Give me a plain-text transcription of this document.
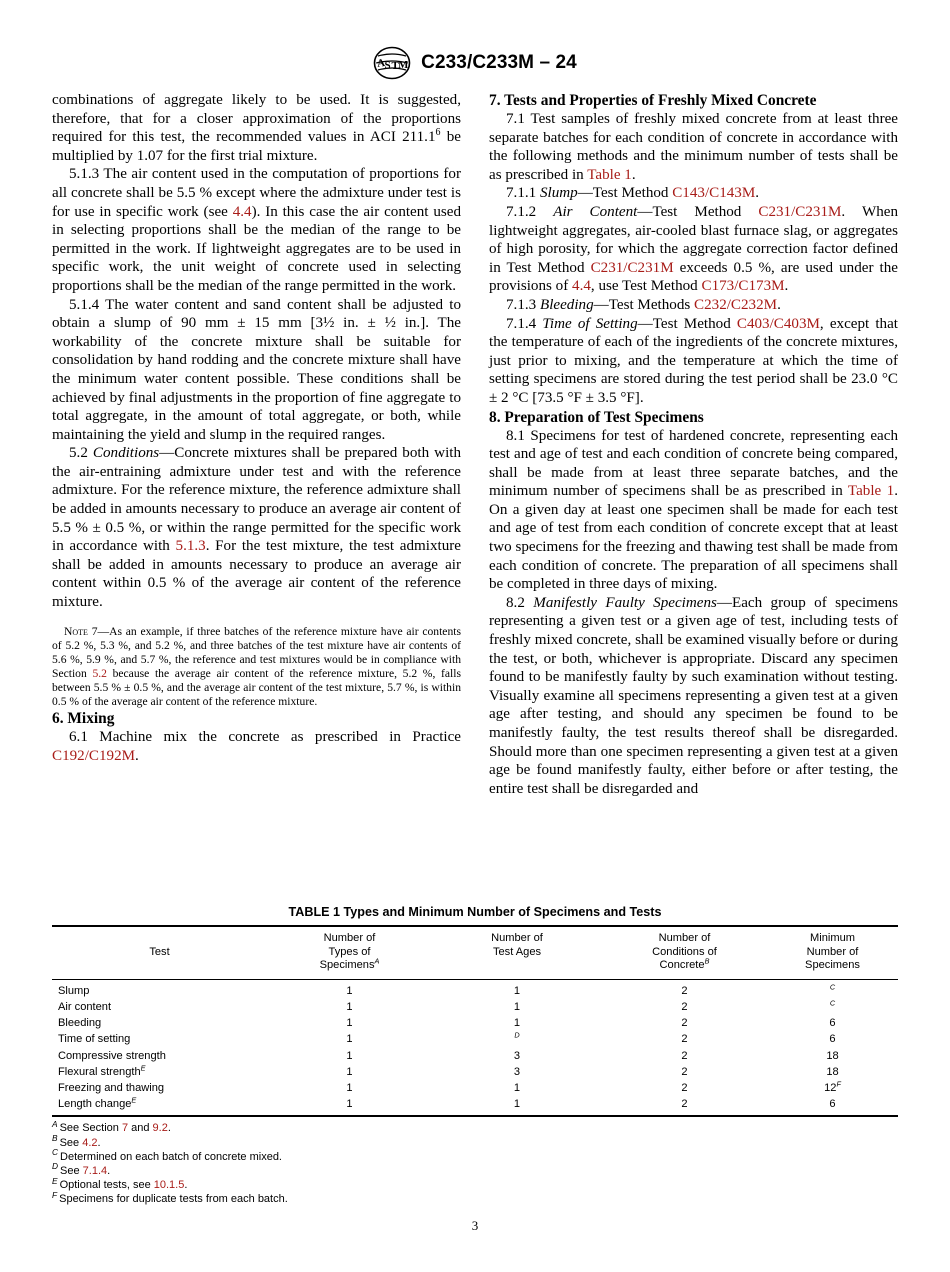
A
S T M C233/C233M – 24

combinations of aggregate likely to be used. It is suggested, therefore, that for a closer approximation of the proportions required for this test, the recommended values in ACI 211.1$^6$ be multiplied by 1.07 for the first trial mixture.

5.1.3 The air content used in the computation of proportions for all concrete shall be 5.5 % except where the admixture under test is for use in specific work (see 4.4). In this case the air content used in selecting proportions shall be the median of the range to be permitted in the work. If lightweight aggregates are to be used in specific work, the unit weight of concrete used in selecting proportions shall be the median of the range permitted in the work.

5.1.4 The water content and sand content shall be adjusted to obtain a slump of 90 mm ± 15 mm [3½ in. ± ½ in.]. The workability of the concrete mixture shall be suitable for consolidation by hand rodding and the concrete mixture shall have the minimum water content possible. These conditions shall be achieved by final adjustments in the proportion of fine aggregate to total aggregate, in the amount of total aggregate, or both, while maintaining the yield and slump in the required ranges.

5.2 Conditions—Concrete mixtures shall be prepared both with the air-entraining admixture under test and with the reference admixture. For the reference mixture, the reference admixture shall be added in amounts necessary to produce an average air content of 5.5 % ± 0.5 %, or within the range permitted for the specific work in accordance with 5.1.3. For the test mixture, the test admixture shall be added in amounts necessary to produce an average air content within 0.5 % of the average air content of the reference mixture.

Note 7—As an example, if three batches of the reference mixture have air contents of 5.2 %, 5.3 %, and 5.2 %, and three batches of the test mixture have air contents of 5.6 %, 5.9 %, and 5.7 %, the reference and test mixtures would be in compliance with Section 5.2 because the average air content of the reference mixture, 5.2 %, falls between 5.5 % ± 0.5 %, and the average air content of the test mixture, 5.7 %, is within 0.5 % of the average air content of the reference mixture.

6. Mixing

6.1 Machine mix the concrete as prescribed in Practice C192/C192M.

7. Tests and Properties of Freshly Mixed Concrete

7.1 Test samples of freshly mixed concrete from at least three separate batches for each condition of concrete in accordance with the following methods and the minimum number of tests shall be as prescribed in Table 1.

7.1.1 Slump—Test Method C143/C143M.

7.1.2 Air Content—Test Method C231/C231M. When lightweight aggregates, air-cooled blast furnace slag, or aggregates of high porosity, for which the aggregate correction factor defined in Test Method C231/C231M exceeds 0.5 %, are used under the provisions of 4.4, use Test Method C173/C173M.

7.1.3 Bleeding—Test Methods C232/C232M.

7.1.4 Time of Setting—Test Method C403/C403M, except that the temperature of each of the ingredients of the concrete mixtures, just prior to mixing, and the temperature at which the time of setting specimens are stored during the test period shall be 23.0 °C ± 2 °C [73.5 °F ± 3.5 °F].

8. Preparation of Test Specimens

8.1 Specimens for test of hardened concrete, representing each test and age of test and each condition of concrete being compared, shall be made from at least three separate batches, and the minimum number of specimens shall be as prescribed in Table 1. On a given day at least one specimen shall be made for each test and age of test from each condition of concrete except that at least two specimens for the freezing and thawing test shall be made from each condition of concrete. The preparation of all specimens shall be completed in three days of mixing.

8.2 Manifestly Faulty Specimens—Each group of specimens representing a given test or a given age of test, including tests of freshly mixed concrete, shall be examined visually before or during the test, or both, whichever is appropriate. Discard any specimen found to be manifestly faulty by such examination without testing. Visually examine all specimens representing a given test at a given age after testing, and should any specimen be found to be manifestly faulty, the test results thereof shall be disregarded. Should more than one specimen representing a given test at a given age be found manifestly faulty, either before or after testing, the entire test shall be disregarded and

TABLE 1 Types and Minimum Number of Specimens and Tests
Test	Number of
Types of
Specimens$^A$	Number of
Test Ages	Number of
Conditions of
Concrete$^B$	Minimum
Number of
Specimens
Slump	1	1	2	$^C$
Air content	1	1	2	$^C$
Bleeding	1	1	2	6
Time of setting	1	$^D$	2	6
Compressive strength	1	3	2	18
Flexural strength$^E$	1	3	2	18
Freezing and thawing	1	1	2	$12^F$
Length change$^E$	1	1	2	6
$^A$ See Section 7 and 9.2.
$^B$ See 4.2.
$^C$ Determined on each batch of concrete mixed.
$^D$ See 7.1.4.
$^E$ Optional tests, see 10.1.5.
$^F$ Specimens for duplicate tests from each batch.
3
